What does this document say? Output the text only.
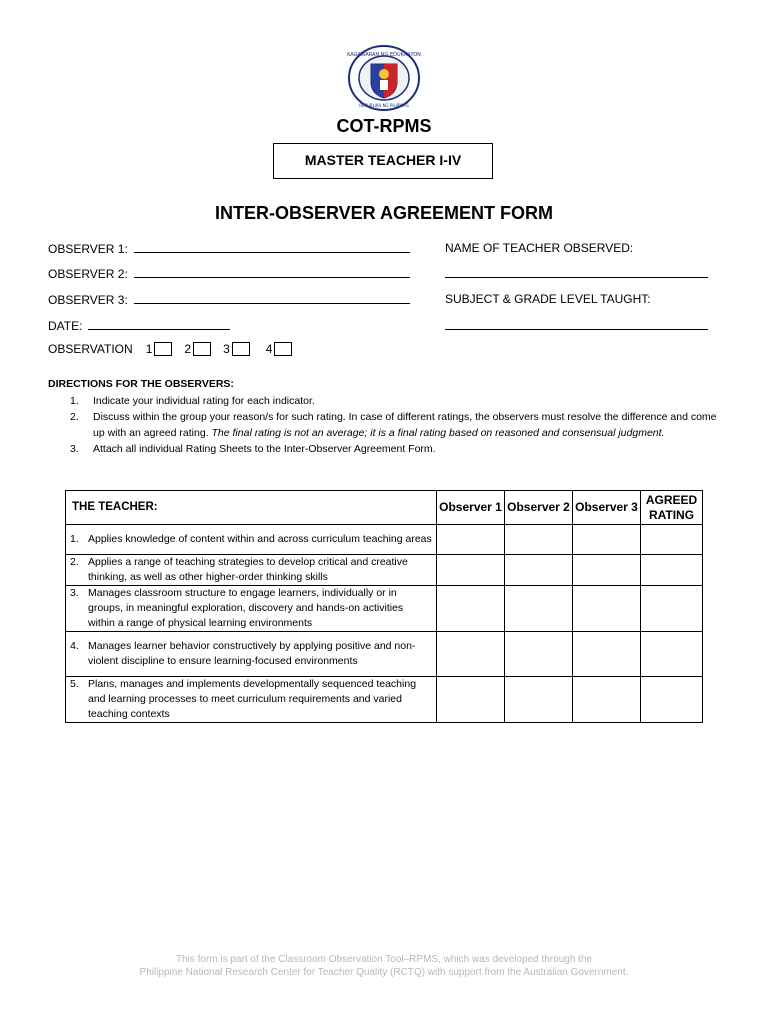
KAGAWARAN NG EDUKASYON
REPUBLIKA NG PILIPINAS
COT-RPMS
MASTER TEACHER I-IV
INTER-OBSERVER AGREEMENT FORM
OBSERVER 1:
OBSERVER 2:
OBSERVER 3:
DATE:
NAME OF TEACHER OBSERVED:
SUBJECT & GRADE LEVEL TAUGHT:
OBSERVATION 1	2	3	4
DIRECTIONS FOR THE OBSERVERS:
1.	Indicate your individual rating for each indicator.
2.	Discuss within the group your reason/s for such rating. In case of different ratings, the observers must resolve the difference and come up with an agreed rating. The final rating is not an average; it is a final rating based on reasoned and consensual judgment.
3.	Attach all individual Rating Sheets to the Inter-Observer Agreement Form.
THE TEACHER:	Observer 1	Observer 2	Observer 3	AGREED RATING

1. Applies knowledge of content within and across curriculum teaching areas				

2. Applies a range of teaching strategies to develop critical and creative thinking, as well as other higher-order thinking skills				

3. Manages classroom structure to engage learners, individually or in groups, in meaningful exploration, discovery and hands-on activities within a range of physical learning environments				

4. Manages learner behavior constructively by applying positive and non-violent discipline to ensure learning-focused environments				

5. Plans, manages and implements developmentally sequenced teaching and learning processes to meet curriculum requirements and varied teaching contexts				

This form is part of the Classroom Observation Tool–RPMS, which was developed through the
Philippine National Research Center for Teacher Quality (RCTQ) with support from the Australian Government.
